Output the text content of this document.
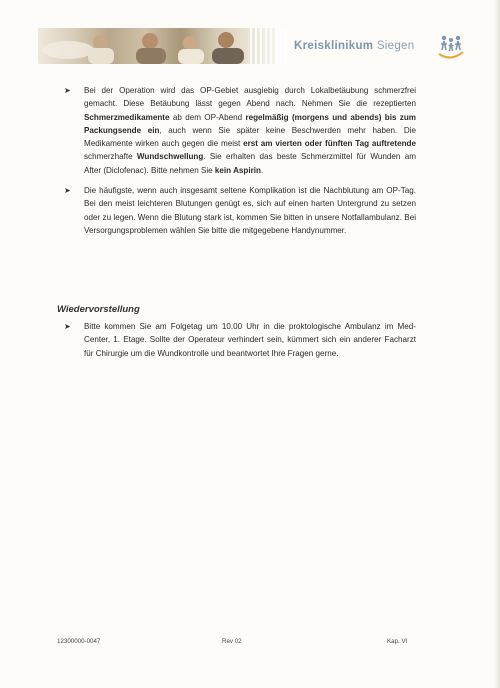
Kreisklinikum Siegen
➤ Bei der Operation wird das OP-Gebiet ausgiebig durch Lokalbetäubung schmerzfrei gemacht. Diese Betäubung lässt gegen Abend nach. Nehmen Sie die rezeptierten Schmerzmedikamente ab dem OP-Abend regelmäßig (morgens und abends) bis zum Packungsende ein, auch wenn Sie später keine Beschwerden mehr haben. Die Medikamente wirken auch gegen die meist erst am vierten oder fünften Tag auftretende schmerzhafte Wundschwellung. Sie erhalten das beste Schmerzmittel für Wunden am After (Diclofenac). Bitte nehmen Sie kein Aspirin.

➤ Die häufigste, wenn auch insgesamt seltene Komplikation ist die Nachblutung am OP-Tag. Bei den meist leichteren Blutungen genügt es, sich auf einen harten Untergrund zu setzen oder zu legen. Wenn die Blutung stark ist, kommen Sie bitten in unsere Notfallambulanz. Bei Versorgungsproblemen wählen Sie bitte die mitgegebene Handynummer.

Wiedervorstellung
➤ Bitte kommen Sie am Folgetag um 10.00 Uhr in die proktologische Ambulanz im Med-Center, 1. Etage. Sollte der Operateur verhindert sein, kümmert sich ein anderer Facharzt für Chirurgie um die Wundkontrolle und beantwortet Ihre Fragen gerne.

12300000-0047	Rev 02	Kap. VI
